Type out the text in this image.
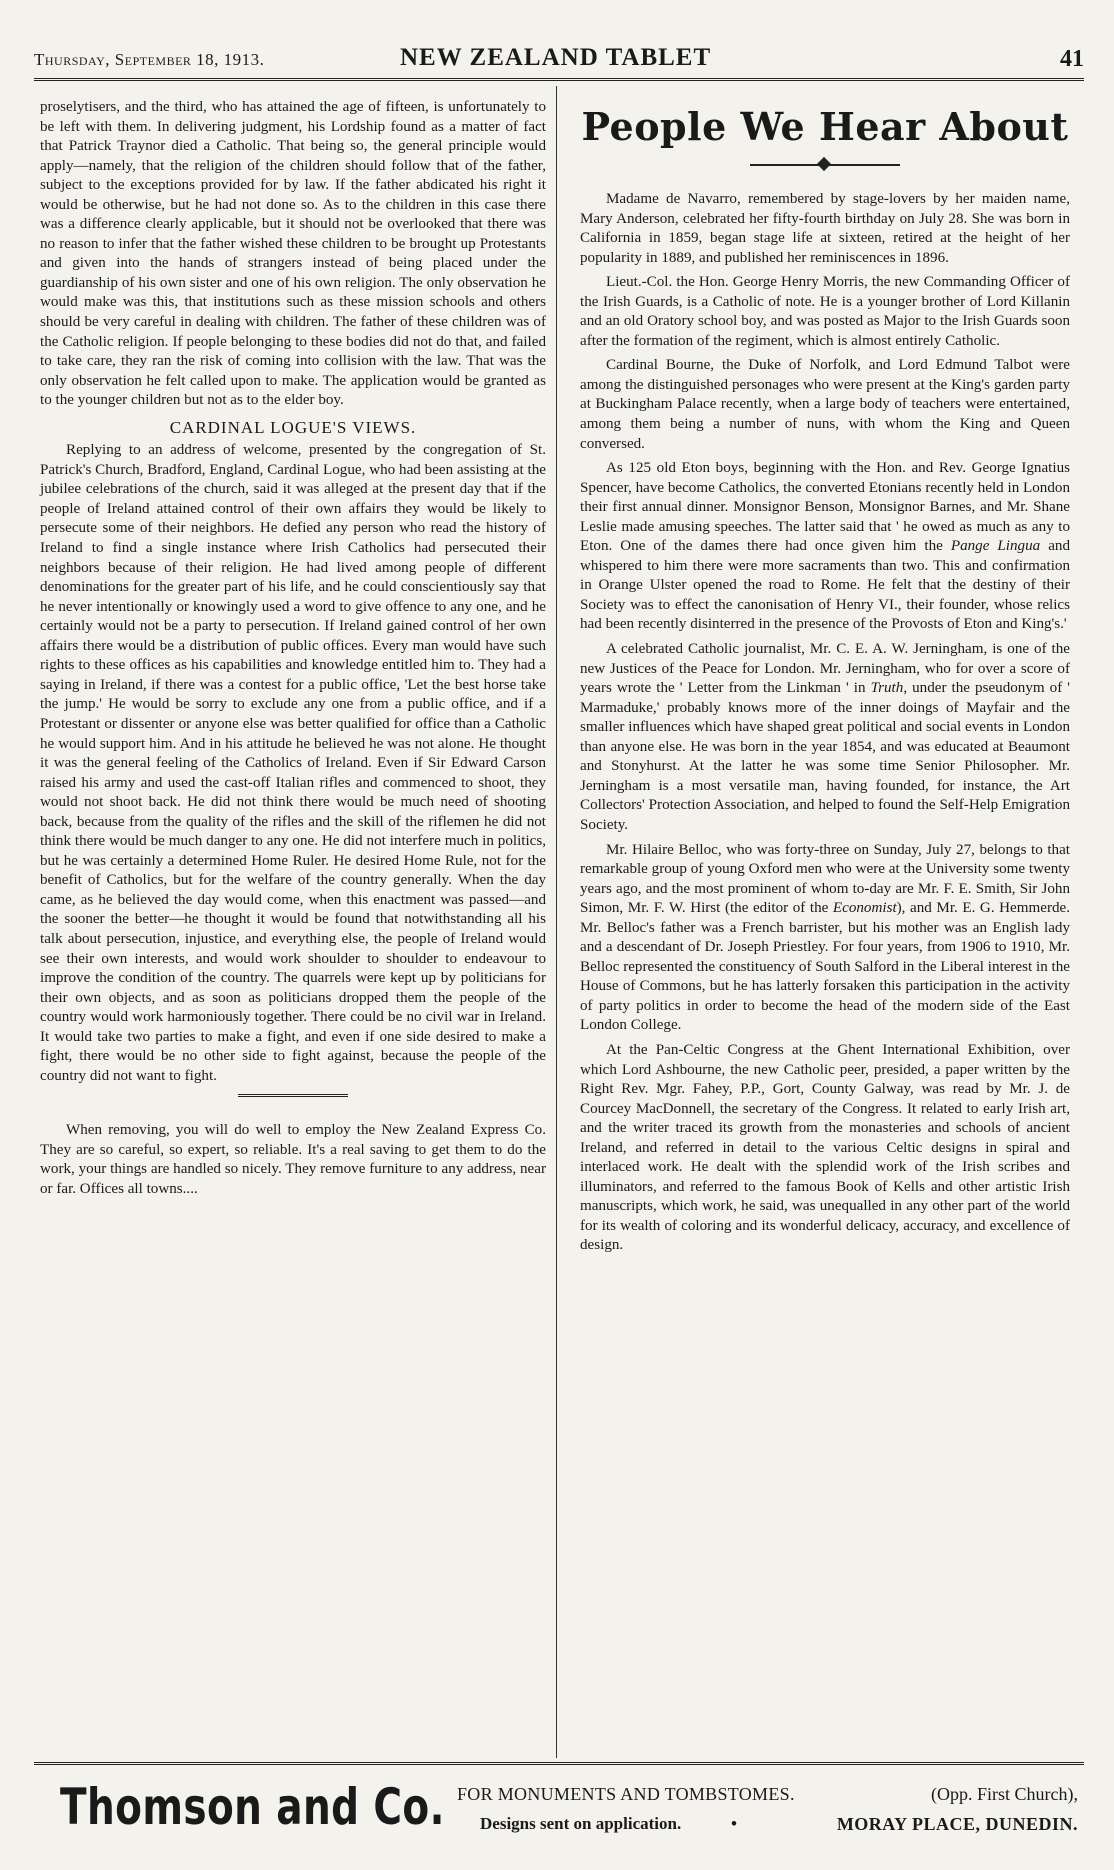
Thursday, September 18, 1913.	NEW ZEALAND TABLET	41

proselytisers, and the third, who has attained the age of fifteen, is unfortunately to be left with them. In delivering judgment, his Lordship found as a matter of fact that Patrick Traynor died a Catholic. That being so, the general principle would apply—namely, that the religion of the children should follow that of the father, subject to the exceptions provided for by law. If the father abdicated his right it would be otherwise, but he had not done so. As to the children in this case there was a difference clearly applicable, but it should not be overlooked that there was no reason to infer that the father wished these children to be brought up Protestants and given into the hands of strangers instead of being placed under the guardianship of his own sister and one of his own religion. The only observation he would make was this, that institutions such as these mission schools and others should be very careful in dealing with children. The father of these children was of the Catholic religion. If people belonging to these bodies did not do that, and failed to take care, they ran the risk of coming into collision with the law. That was the only observation he felt called upon to make. The application would be granted as to the younger children but not as to the elder boy.

CARDINAL LOGUE'S VIEWS.

Replying to an address of welcome, presented by the congregation of St. Patrick's Church, Bradford, England, Cardinal Logue, who had been assisting at the jubilee celebrations of the church, said it was alleged at the present day that if the people of Ireland attained control of their own affairs they would be likely to persecute some of their neighbors. He defied any person who read the history of Ireland to find a single instance where Irish Catholics had persecuted their neighbors because of their religion. He had lived among people of different denominations for the greater part of his life, and he could conscientiously say that he never intentionally or knowingly used a word to give offence to any one, and he certainly would not be a party to persecution. If Ireland gained control of her own affairs there would be a distribution of public offices. Every man would have such rights to these offices as his capabilities and knowledge entitled him to. They had a saying in Ireland, if there was a contest for a public office, 'Let the best horse take the jump.' He would be sorry to exclude any one from a public office, and if a Protestant or dissenter or anyone else was better qualified for office than a Catholic he would support him. And in his attitude he believed he was not alone. He thought it was the general feeling of the Catholics of Ireland. Even if Sir Edward Carson raised his army and used the cast-off Italian rifles and commenced to shoot, they would not shoot back. He did not think there would be much need of shooting back, because from the quality of the rifles and the skill of the riflemen he did not think there would be much danger to any one. He did not interfere much in politics, but he was certainly a determined Home Ruler. He desired Home Rule, not for the benefit of Catholics, but for the welfare of the country generally. When the day came, as he believed the day would come, when this enactment was passed—and the sooner the better—he thought it would be found that notwithstanding all his talk about persecution, injustice, and everything else, the people of Ireland would see their own interests, and would work shoulder to shoulder to endeavour to improve the condition of the country. The quarrels were kept up by politicians for their own objects, and as soon as politicians dropped them the people of the country would work harmoniously together. There could be no civil war in Ireland. It would take two parties to make a fight, and even if one side desired to make a fight, there would be no other side to fight against, because the people of the country did not want to fight.

When removing, you will do well to employ the New Zealand Express Co. They are so careful, so expert, so reliable. It's a real saving to get them to do the work, your things are handled so nicely. They remove furniture to any address, near or far. Offices all towns....

People We Hear About

Madame de Navarro, remembered by stage-lovers by her maiden name, Mary Anderson, celebrated her fifty-fourth birthday on July 28. She was born in California in 1859, began stage life at sixteen, retired at the height of her popularity in 1889, and published her reminiscences in 1896.

Lieut.-Col. the Hon. George Henry Morris, the new Commanding Officer of the Irish Guards, is a Catholic of note. He is a younger brother of Lord Killanin and an old Oratory school boy, and was posted as Major to the Irish Guards soon after the formation of the regiment, which is almost entirely Catholic.

Cardinal Bourne, the Duke of Norfolk, and Lord Edmund Talbot were among the distinguished personages who were present at the King's garden party at Buckingham Palace recently, when a large body of teachers were entertained, among them being a number of nuns, with whom the King and Queen conversed.

As 125 old Eton boys, beginning with the Hon. and Rev. George Ignatius Spencer, have become Catholics, the converted Etonians recently held in London their first annual dinner. Monsignor Benson, Monsignor Barnes, and Mr. Shane Leslie made amusing speeches. The latter said that ' he owed as much as any to Eton. One of the dames there had once given him the Pange Lingua and whispered to him there were more sacraments than two. This and confirmation in Orange Ulster opened the road to Rome. He felt that the destiny of their Society was to effect the canonisation of Henry VI., their founder, whose relics had been recently disinterred in the presence of the Provosts of Eton and King's.'

A celebrated Catholic journalist, Mr. C. E. A. W. Jerningham, is one of the new Justices of the Peace for London. Mr. Jerningham, who for over a score of years wrote the ' Letter from the Linkman ' in Truth, under the pseudonym of ' Marmaduke,' probably knows more of the inner doings of Mayfair and the smaller influences which have shaped great political and social events in London than anyone else. He was born in the year 1854, and was educated at Beaumont and Stonyhurst. At the latter he was some time Senior Philosopher. Mr. Jerningham is a most versatile man, having founded, for instance, the Art Collectors' Protection Association, and helped to found the Self-Help Emigration Society.

Mr. Hilaire Belloc, who was forty-three on Sunday, July 27, belongs to that remarkable group of young Oxford men who were at the University some twenty years ago, and the most prominent of whom to-day are Mr. F. E. Smith, Sir John Simon, Mr. F. W. Hirst (the editor of the Economist), and Mr. E. G. Hemmerde. Mr. Belloc's father was a French barrister, but his mother was an English lady and a descendant of Dr. Joseph Priestley. For four years, from 1906 to 1910, Mr. Belloc represented the constituency of South Salford in the Liberal interest in the House of Commons, but he has latterly forsaken this participation in the activity of party politics in order to become the head of the modern side of the East London College.

At the Pan-Celtic Congress at the Ghent International Exhibition, over which Lord Ashbourne, the new Catholic peer, presided, a paper written by the Right Rev. Mgr. Fahey, P.P., Gort, County Galway, was read by Mr. J. de Courcey MacDonnell, the secretary of the Congress. It related to early Irish art, and the writer traced its growth from the monasteries and schools of ancient Ireland, and referred in detail to the various Celtic designs in spiral and interlaced work. He dealt with the splendid work of the Irish scribes and illuminators, and referred to the famous Book of Kells and other artistic Irish manuscripts, which work, he said, was unequalled in any other part of the world for its wealth of coloring and its wonderful delicacy, accuracy, and excellence of design.

Thomson and Co. FOR MONUMENTS AND TOMBSTOMES.	(Opp. First Church),
Designs sent on application.	•	MORAY PLACE, DUNEDIN.
